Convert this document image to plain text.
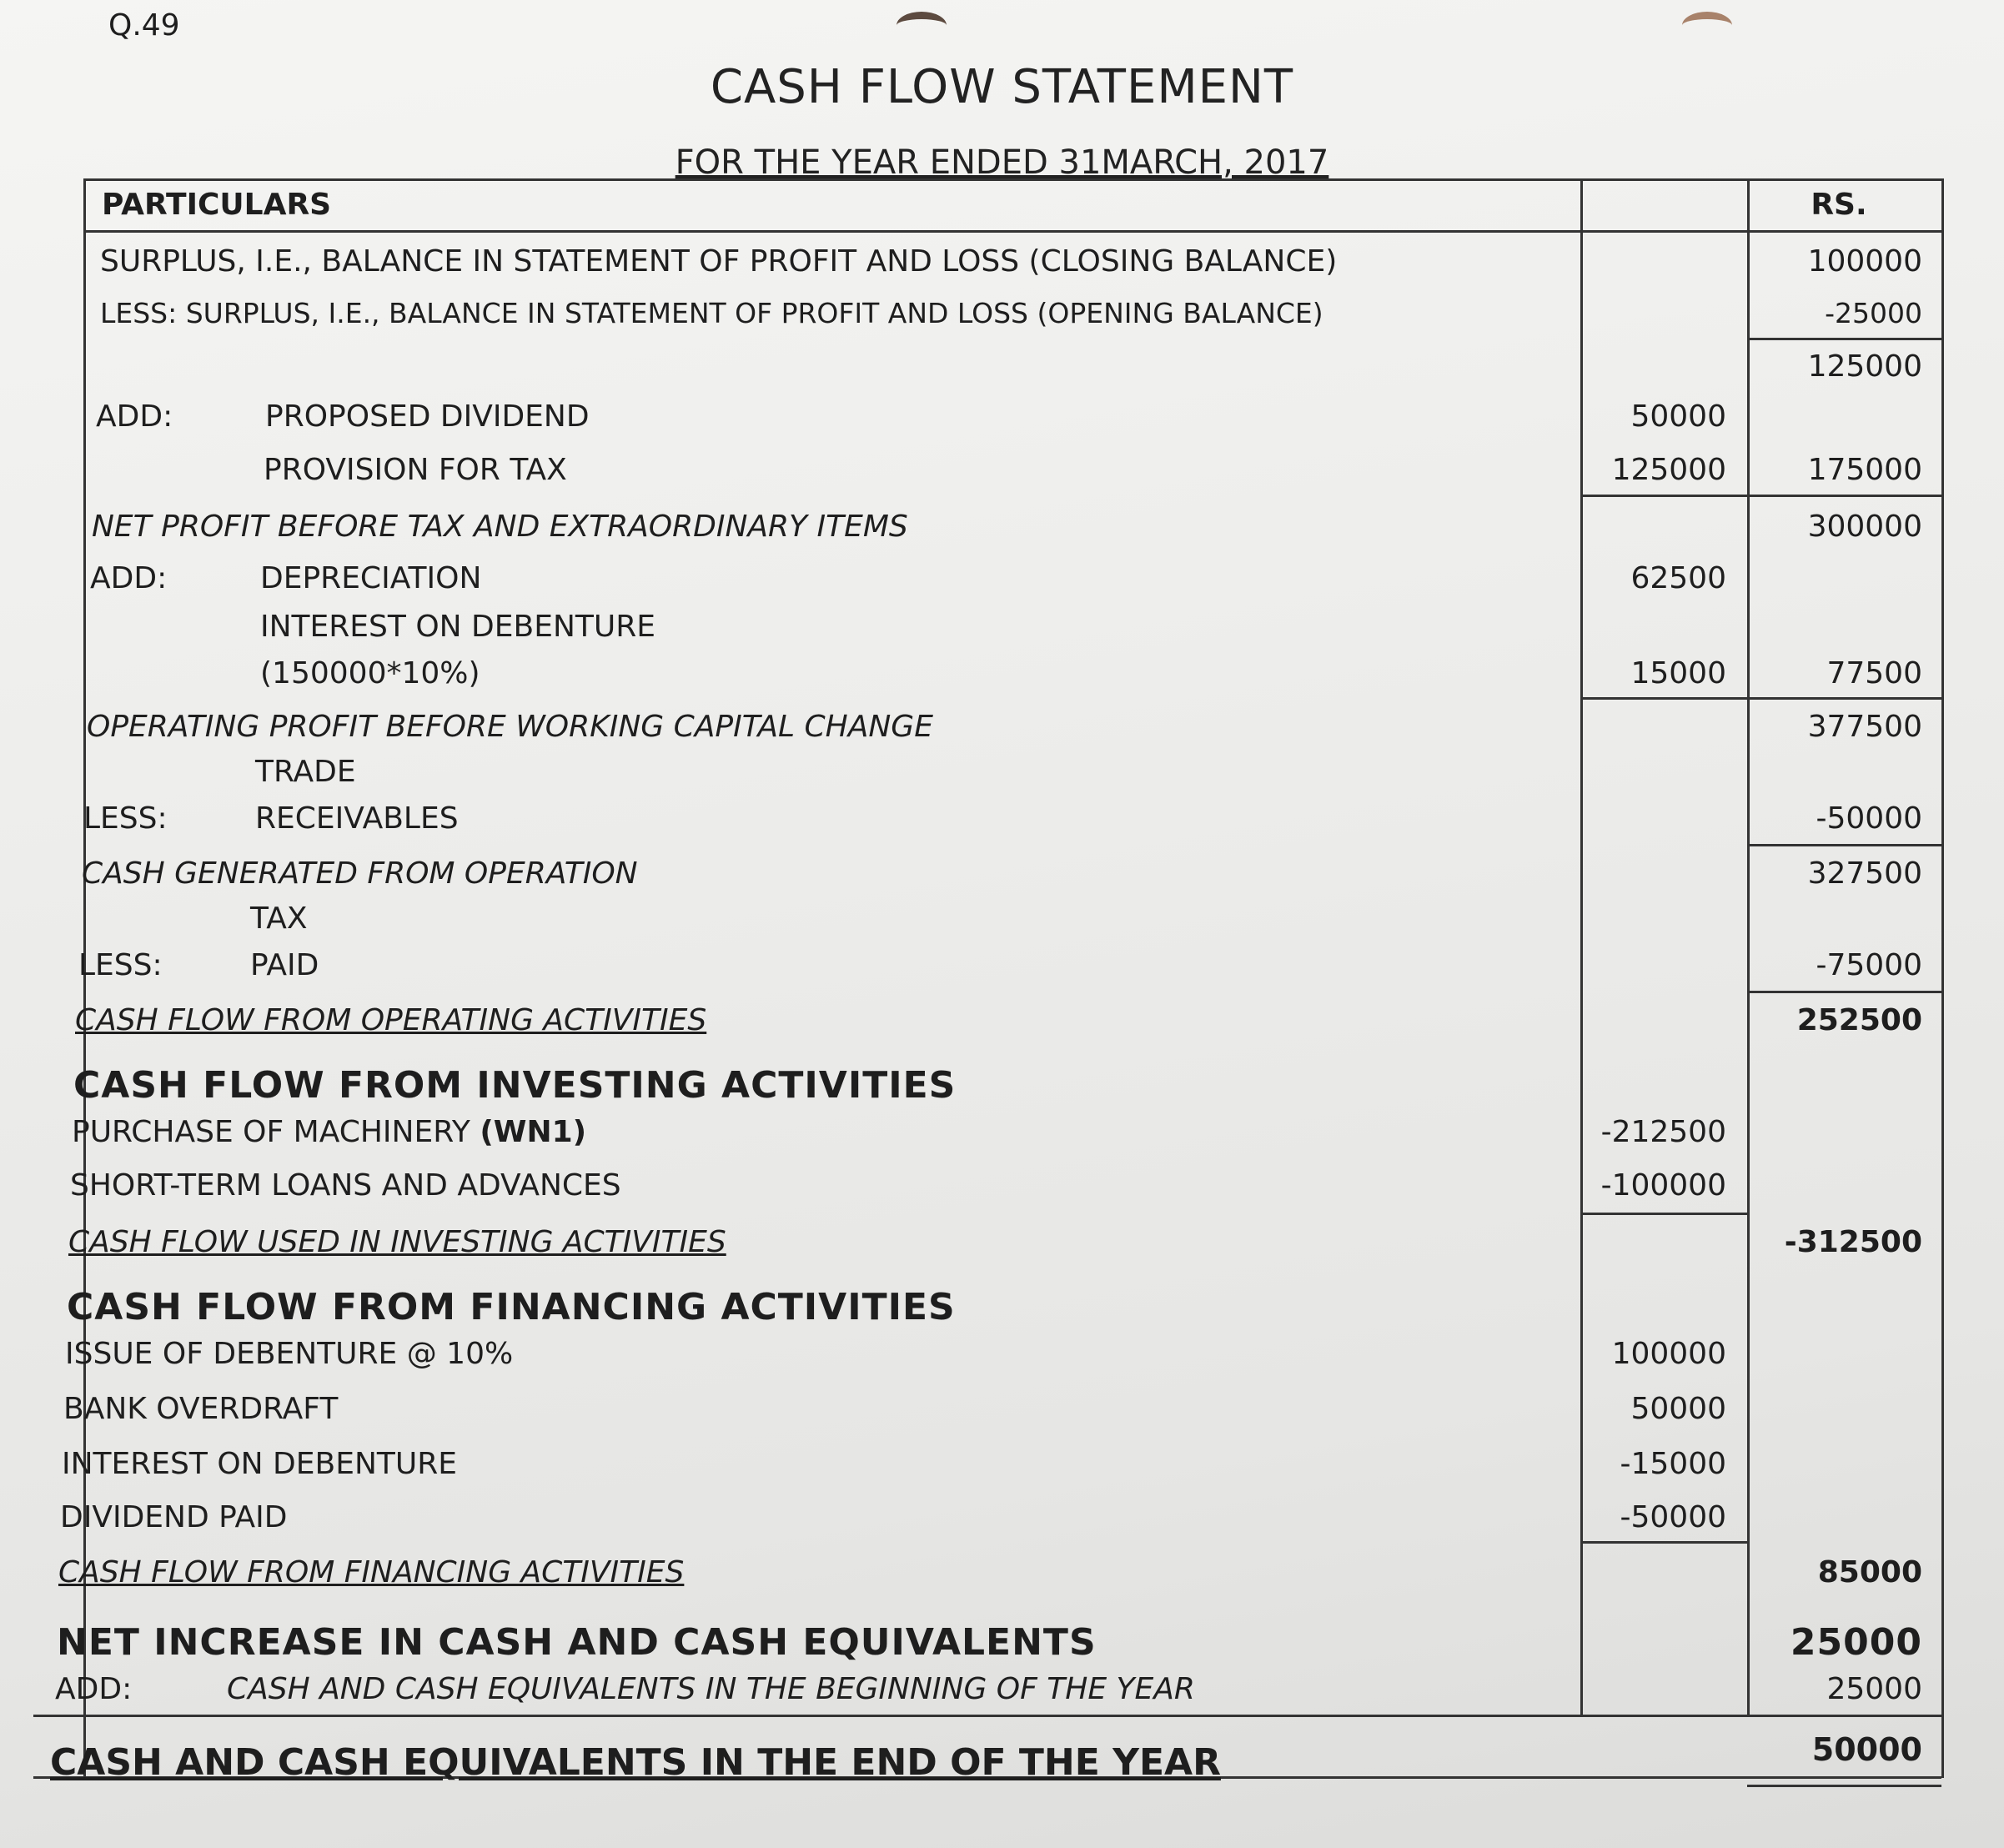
Q.49
CASH FLOW STATEMENT
FOR THE YEAR ENDED 31MARCH, 2017
PARTICULARS	RS.
SURPLUS, I.E., BALANCE IN STATEMENT OF PROFIT AND LOSS (CLOSING BALANCE)	100000
LESS: SURPLUS, I.E., BALANCE IN STATEMENT OF PROFIT AND LOSS (OPENING BALANCE)	-25000
125000
ADD:	PROPOSED DIVIDEND	50000
PROVISION FOR TAX	125000	175000
NET PROFIT BEFORE TAX AND EXTRAORDINARY ITEMS	300000
ADD:	DEPRECIATION	62500
INTEREST ON DEBENTURE
(150000*10%)	15000	77500
OPERATING PROFIT BEFORE WORKING CAPITAL CHANGE	377500
TRADE
LESS:	RECEIVABLES	-50000
CASH GENERATED FROM OPERATION	327500
TAX
LESS:	PAID	-75000
CASH FLOW FROM OPERATING ACTIVITIES	252500
CASH FLOW FROM INVESTING ACTIVITIES
PURCHASE OF MACHINERY (WN1)	-212500
SHORT-TERM LOANS AND ADVANCES	-100000
CASH FLOW USED IN INVESTING ACTIVITIES	-312500
CASH FLOW FROM FINANCING ACTIVITIES
ISSUE OF DEBENTURE @ 10%	100000
BANK OVERDRAFT	50000
INTEREST ON DEBENTURE	-15000
DIVIDEND PAID	-50000
CASH FLOW FROM FINANCING ACTIVITIES	85000
NET INCREASE IN CASH AND CASH EQUIVALENTS	25000
ADD:	CASH AND CASH EQUIVALENTS IN THE BEGINNING OF THE YEAR	25000
CASH AND CASH EQUIVALENTS IN THE END OF THE YEAR	50000
